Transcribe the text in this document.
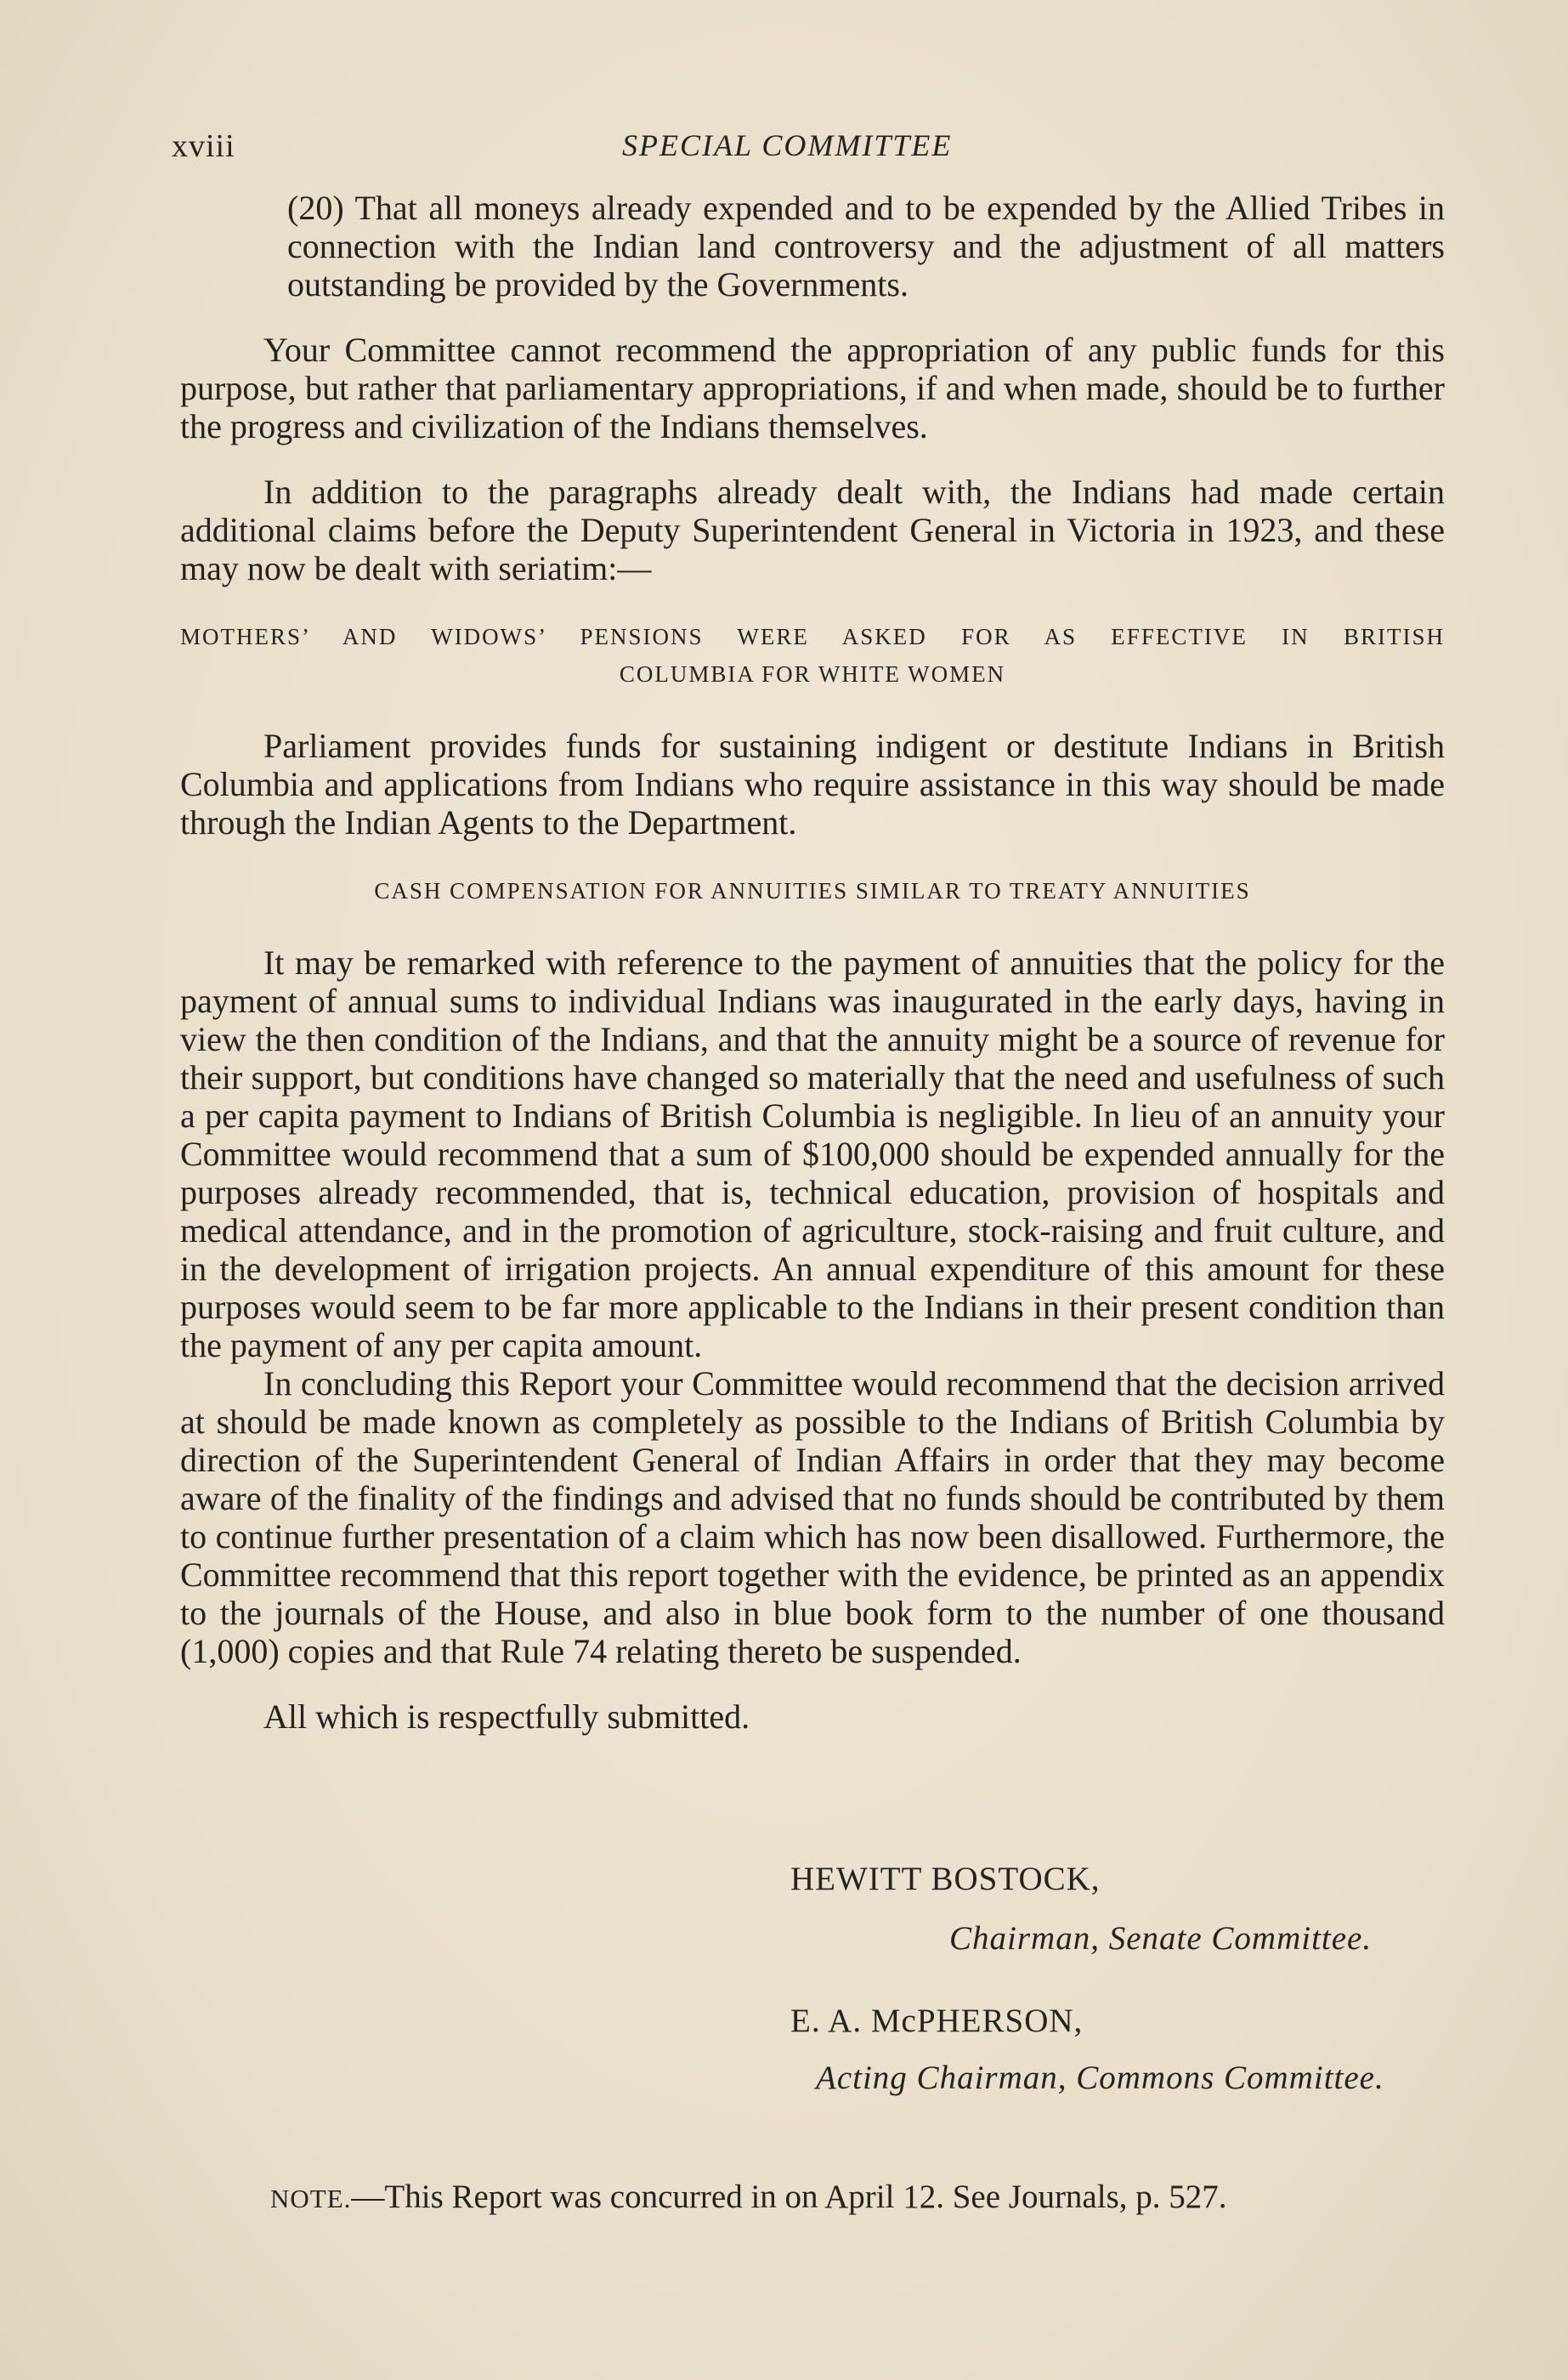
xviii	SPECIAL COMMITTEE

(20) That all moneys already expended and to be expended by the Allied Tribes in connection with the Indian land controversy and the adjustment of all matters outstanding be provided by the Governments.

Your Committee cannot recommend the appropriation of any public funds for this purpose, but rather that parliamentary appropriations, if and when made, should be to further the progress and civilization of the Indians themselves.

In addition to the paragraphs already dealt with, the Indians had made certain additional claims before the Deputy Superintendent General in Victoria in 1923, and these may now be dealt with seriatim:—

MOTHERS’ AND WIDOWS’ PENSIONS WERE ASKED FOR AS EFFECTIVE IN BRITISH
COLUMBIA FOR WHITE WOMEN

Parliament provides funds for sustaining indigent or destitute Indians in British Columbia and applications from Indians who require assistance in this way should be made through the Indian Agents to the Department.

CASH COMPENSATION FOR ANNUITIES SIMILAR TO TREATY ANNUITIES

It may be remarked with reference to the payment of annuities that the policy for the payment of annual sums to individual Indians was inaugurated in the early days, having in view the then condition of the Indians, and that the annuity might be a source of revenue for their support, but conditions have changed so materially that the need and usefulness of such a per capita payment to Indians of British Columbia is negligible. In lieu of an annuity your Committee would recommend that a sum of $100,000 should be expended annually for the purposes already recommended, that is, technical education, provision of hospitals and medical attendance, and in the promotion of agriculture, stock-raising and fruit culture, and in the development of irrigation projects. An annual expenditure of this amount for these purposes would seem to be far more applicable to the Indians in their present condition than the payment of any per capita amount.

In concluding this Report your Committee would recommend that the decision arrived at should be made known as completely as possible to the Indians of British Columbia by direction of the Superintendent General of Indian Affairs in order that they may become aware of the finality of the findings and advised that no funds should be contributed by them to continue further presentation of a claim which has now been disallowed. Furthermore, the Committee recommend that this report together with the evidence, be printed as an appendix to the journals of the House, and also in blue book form to the number of one thousand (1,000) copies and that Rule 74 relating thereto be suspended.

All which is respectfully submitted.

HEWITT BOSTOCK,
Chairman, Senate Committee.
E. A. McPHERSON,
Acting Chairman, Commons Committee.
NOTE.—This Report was concurred in on April 12. See Journals, p. 527.
